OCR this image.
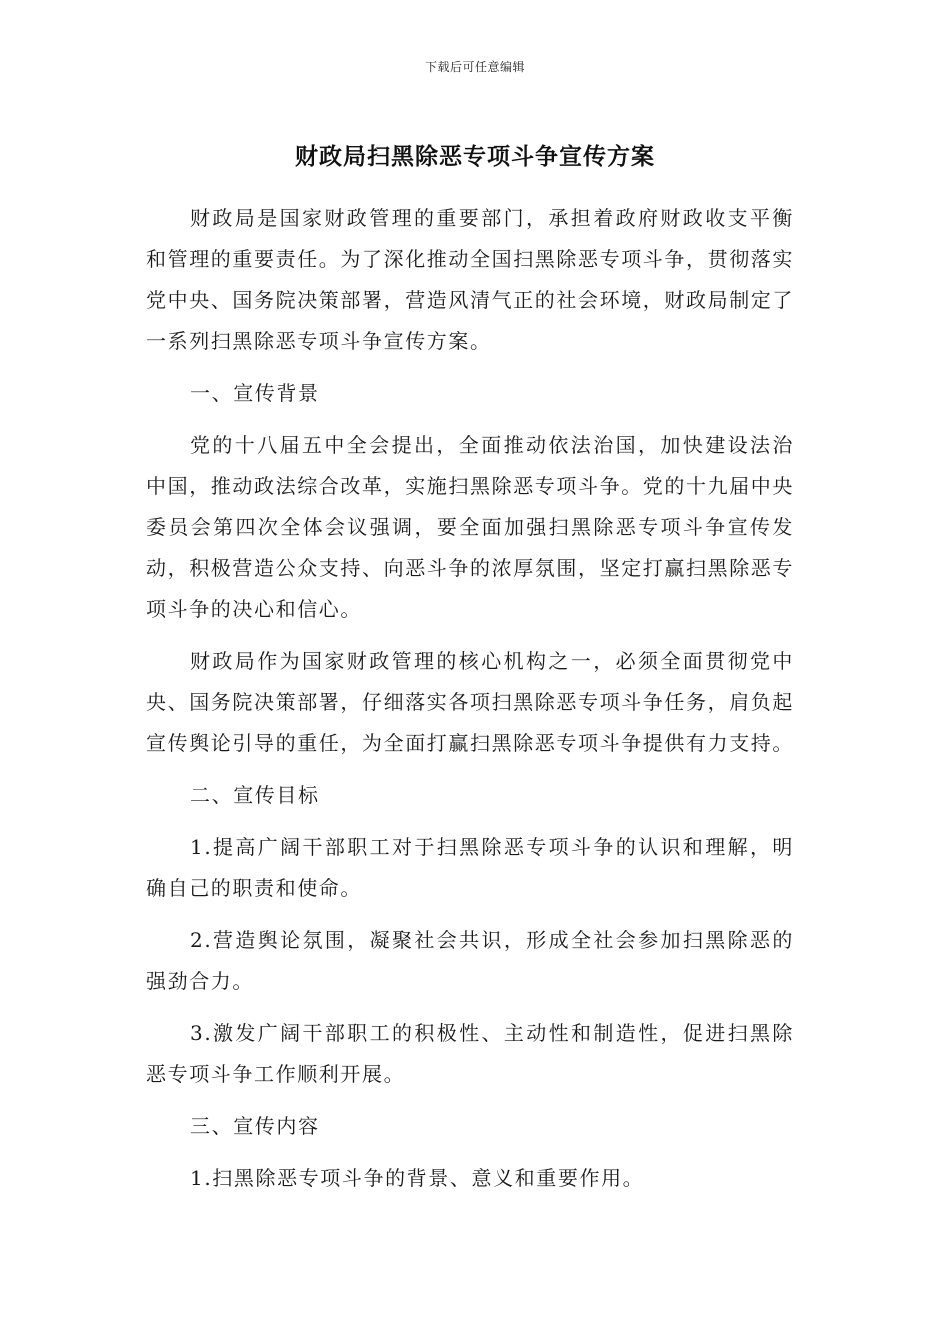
下载后可任意编辑
财政局扫黑除恶专项斗争宣传方案

财政局是国家财政管理的重要部门，承担着政府财政收支平衡和管理的重要责任。为了深化推动全国扫黑除恶专项斗争，贯彻落实党中央、国务院决策部署，营造风清气正的社会环境，财政局制定了一系列扫黑除恶专项斗争宣传方案。

一、宣传背景

党的十八届五中全会提出，全面推动依法治国，加快建设法治中国，推动政法综合改革，实施扫黑除恶专项斗争。党的十九届中央委员会第四次全体会议强调，要全面加强扫黑除恶专项斗争宣传发动，积极营造公众支持、向恶斗争的浓厚氛围，坚定打赢扫黑除恶专项斗争的决心和信心。

财政局作为国家财政管理的核心机构之一，必须全面贯彻党中央、国务院决策部署，仔细落实各项扫黑除恶专项斗争任务，肩负起宣传舆论引导的重任，为全面打赢扫黑除恶专项斗争提供有力支持。

二、宣传目标

1.提高广阔干部职工对于扫黑除恶专项斗争的认识和理解，明确自己的职责和使命。

2.营造舆论氛围，凝聚社会共识，形成全社会参加扫黑除恶的强劲合力。

3.激发广阔干部职工的积极性、主动性和制造性，促进扫黑除恶专项斗争工作顺利开展。

三、宣传内容

1.扫黑除恶专项斗争的背景、意义和重要作用。
